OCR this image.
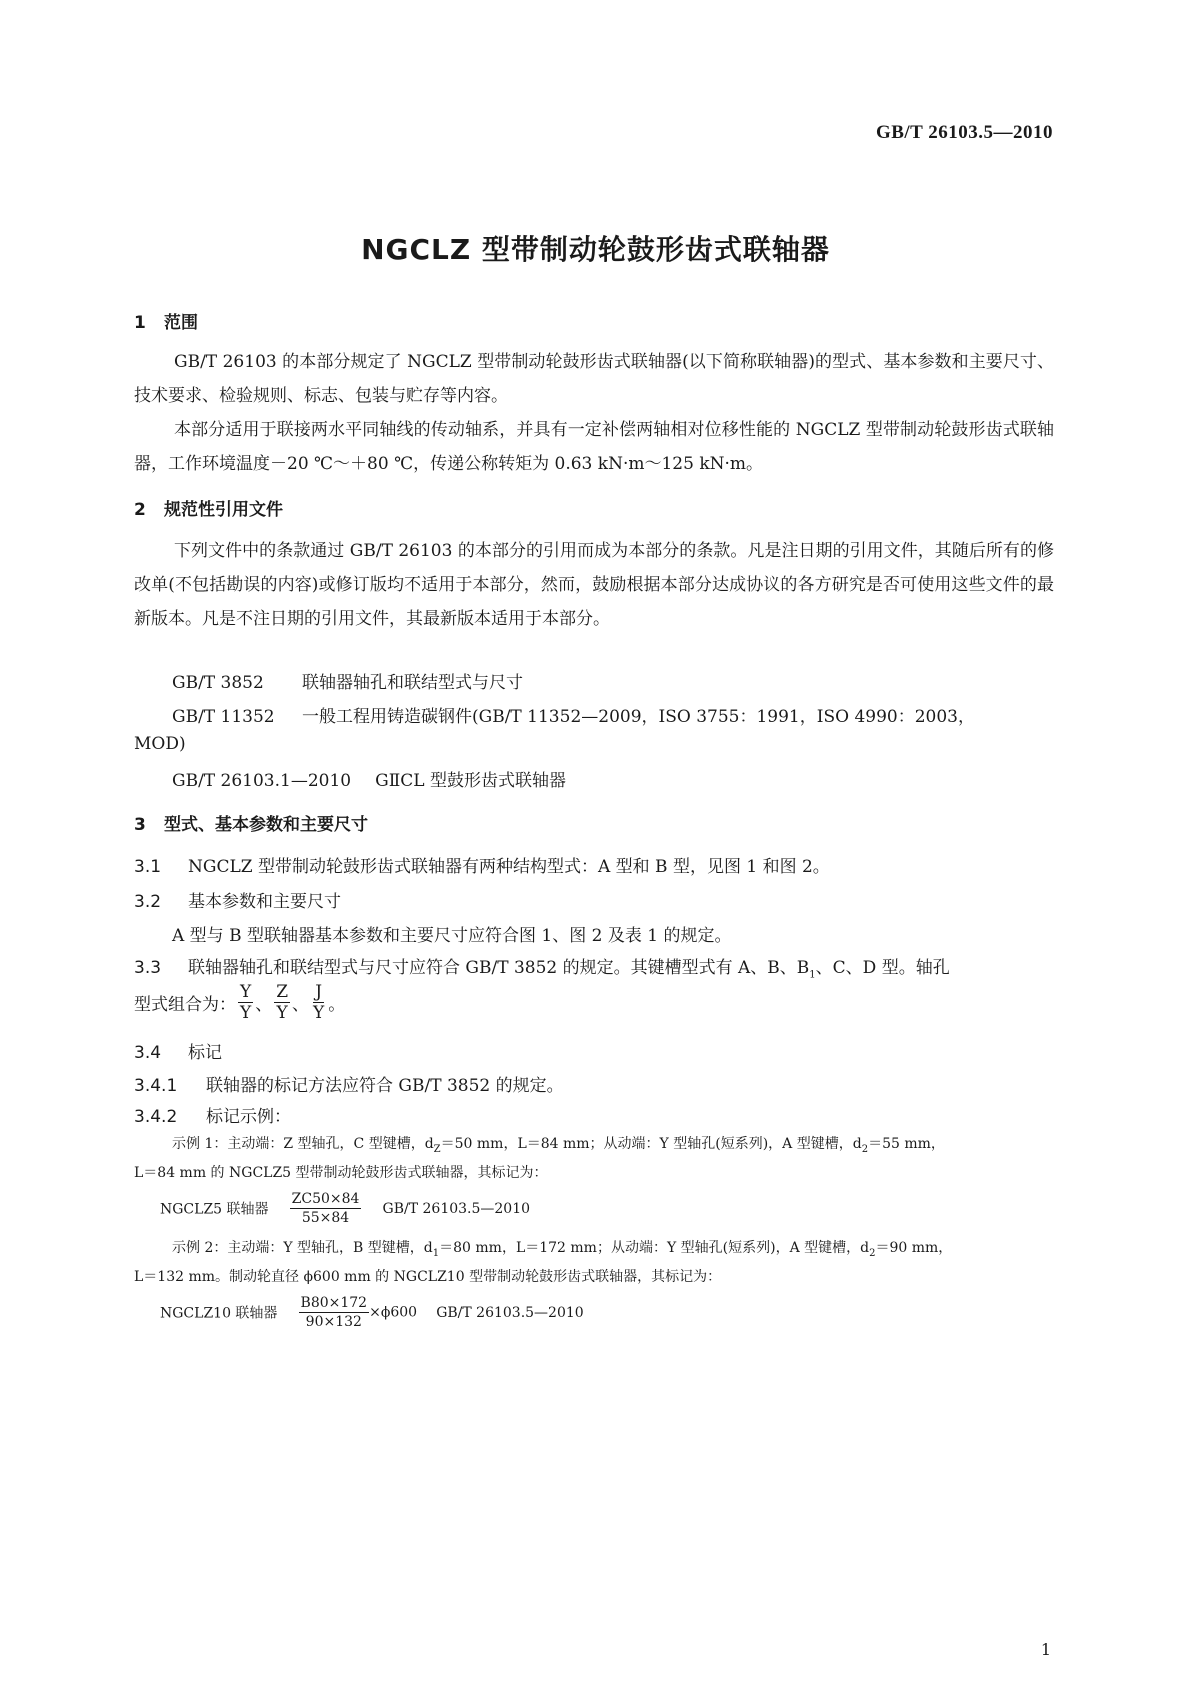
GB/T 26103.5—2010
NGCLZ 型带制动轮鼓形齿式联轴器
1 范围
GB/T 26103 的本部分规定了 NGCLZ 型带制动轮鼓形齿式联轴器(以下简称联轴器)的型式、基本参数和主要尺寸、技术要求、检验规则、标志、包装与贮存等内容。
本部分适用于联接两水平同轴线的传动轴系，并具有一定补偿两轴相对位移性能的 NGCLZ 型带制动轮鼓形齿式联轴器，工作环境温度－20 ℃～＋80 ℃，传递公称转矩为 0.63 kN·m～125 kN·m。
2 规范性引用文件
下列文件中的条款通过 GB/T 26103 的本部分的引用而成为本部分的条款。凡是注日期的引用文件，其随后所有的修改单(不包括勘误的内容)或修订版均不适用于本部分，然而，鼓励根据本部分达成协议的各方研究是否可使用这些文件的最新版本。凡是不注日期的引用文件，其最新版本适用于本部分。
GB/T 3852 联轴器轴孔和联结型式与尺寸
GB/T 11352 一般工程用铸造碳钢件(GB/T 11352—2009，ISO 3755：1991，ISO 4990：2003，
MOD)
GB/T 26103.1—2010 GⅡCL 型鼓形齿式联轴器
3 型式、基本参数和主要尺寸
3.1 NGCLZ 型带制动轮鼓形齿式联轴器有两种结构型式：A 型和 B 型，见图 1 和图 2。
3.2 基本参数和主要尺寸
A 型与 B 型联轴器基本参数和主要尺寸应符合图 1、图 2 及表 1 的规定。
3.3 联轴器轴孔和联结型式与尺寸应符合 GB/T 3852 的规定。其键槽型式有 A、B、$B_1$、C、D 型。轴孔
型式组合为： $\frac{Y}{Y}$ 、 $\frac{Z}{Y}$ 、 $\frac{J}{Y}$ 。
3.4 标记
3.4.1 联轴器的标记方法应符合 GB/T 3852 的规定。
3.4.2 标记示例：
示例 1：主动端：Z 型轴孔，C 型键槽，$d_Z=50$ mm，L＝84 mm；从动端：Y 型轴孔(短系列)，A 型键槽，$d_2=55$ mm，
L＝84 mm 的 NGCLZ5 型带制动轮鼓形齿式联轴器，其标记为：
NGCLZ5 联轴器 $\frac{ZC50\times 84}{55\times 84} GB/T$ 26103.5—2010
示例 2：主动端：Y 型轴孔，B 型键槽，$d_1=80$ mm，L＝172 mm；从动端：Y 型轴孔(短系列)，A 型键槽，$d_2=90$ mm，
L＝132 mm。制动轮直径 ϕ600 mm 的 NGCLZ10 型带制动轮鼓形齿式联轴器，其标记为：
NGCLZ10 联轴器 $\frac{B80\times 172}{90\times 132} \times\phi 600$ GB/T 26103.5—2010
1
